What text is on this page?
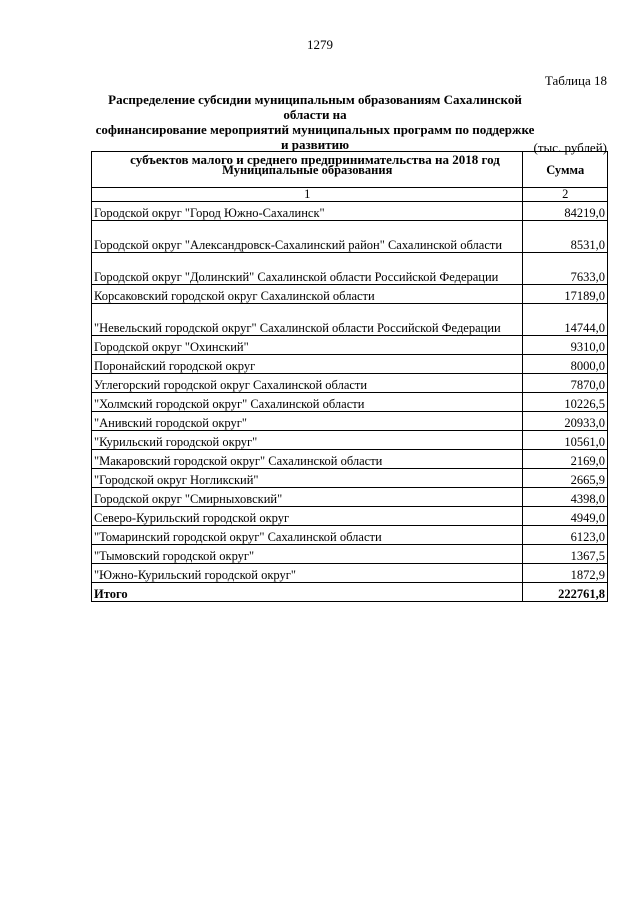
1279
Таблица 18
Распределение субсидии муниципальным образованиям Сахалинской области на
софинансирование мероприятий муниципальных программ по поддержке и развитию
субъектов малого и среднего предпринимательства на 2018 год
(тыс. рублей)
Муниципальные образования	Сумма
1	2
Городской округ "Город Южно-Сахалинск"	84219,0
Городской округ "Александровск-Сахалинский район" Сахалинской области	8531,0
Городской округ "Долинский" Сахалинской области Российской Федерации	7633,0
Корсаковский городской округ Сахалинской области	17189,0
"Невельский городской округ" Сахалинской области Российской Федерации	14744,0
Городской округ "Охинский"	9310,0
Поронайский городской округ	8000,0
Углегорский городской округ Сахалинской области	7870,0
"Холмский городской округ" Сахалинской области	10226,5
"Анивский городской округ"	20933,0
"Курильский городской округ"	10561,0
"Макаровский городской округ" Сахалинской области	2169,0
"Городской округ Ногликский"	2665,9
Городской округ "Смирныховский"	4398,0
Северо-Курильский городской округ	4949,0
"Томаринский городской округ" Сахалинской области	6123,0
"Тымовский городской округ"	1367,5
"Южно-Курильский городской округ"	1872,9
Итого	222761,8
